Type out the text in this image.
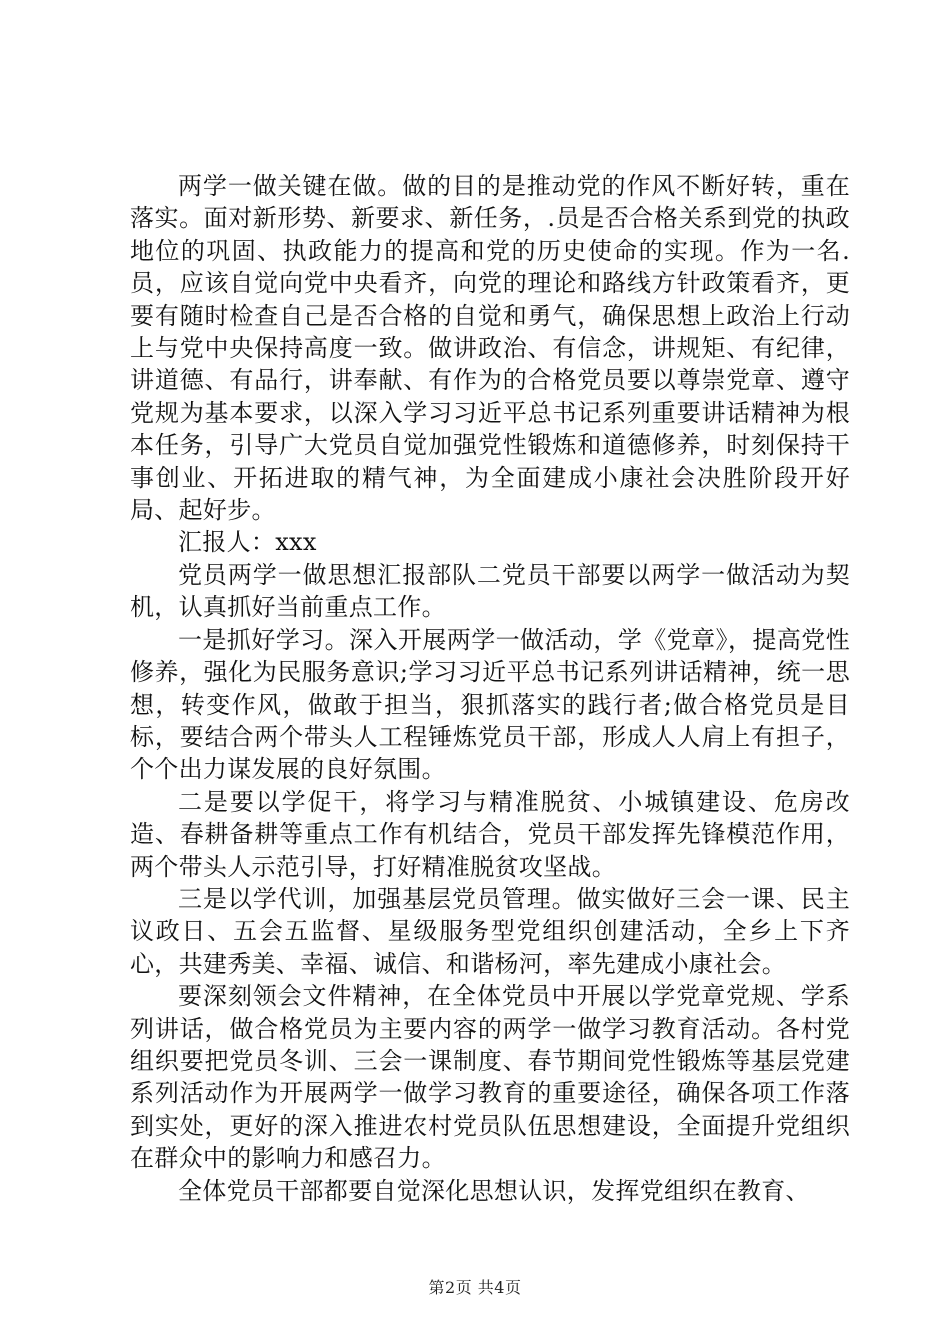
两学一做关键在做。做的目的是推动党的作风不断好转，重在落实。面对新形势、新要求、新任务，.员是否合格关系到党的执政地位的巩固、执政能力的提高和党的历史使命的实现。作为一名.员，应该自觉向党中央看齐，向党的理论和路线方针政策看齐，更要有随时检查自己是否合格的自觉和勇气，确保思想上政治上行动上与党中央保持高度一致。做讲政治、有信念，讲规矩、有纪律，讲道德、有品行，讲奉献、有作为的合格党员要以尊崇党章、遵守党规为基本要求，以深入学习习近平总书记系列重要讲话精神为根本任务，引导广大党员自觉加强党性锻炼和道德修养，时刻保持干事创业、开拓进取的精气神，为全面建成小康社会决胜阶段开好局、起好步。

汇报人：xxx

党员两学一做思想汇报部队二党员干部要以两学一做活动为契机，认真抓好当前重点工作。

一是抓好学习。深入开展两学一做活动，学《党章》，提高党性修养，强化为民服务意识;学习习近平总书记系列讲话精神，统一思想，转变作风，做敢于担当，狠抓落实的践行者;做合格党员是目标，要结合两个带头人工程锤炼党员干部，形成人人肩上有担子，个个出力谋发展的良好氛围。

二是要以学促干，将学习与精准脱贫、小城镇建设、危房改造、春耕备耕等重点工作有机结合，党员干部发挥先锋模范作用，两个带头人示范引导，打好精准脱贫攻坚战。

三是以学代训，加强基层党员管理。做实做好三会一课、民主议政日、五会五监督、星级服务型党组织创建活动，全乡上下齐心，共建秀美、幸福、诚信、和谐杨河，率先建成小康社会。

要深刻领会文件精神，在全体党员中开展以学党章党规、学系列讲话，做合格党员为主要内容的两学一做学习教育活动。各村党组织要把党员冬训、三会一课制度、春节期间党性锻炼等基层党建系列活动作为开展两学一做学习教育的重要途径，确保各项工作落到实处，更好的深入推进农村党员队伍思想建设，全面提升党组织在群众中的影响力和感召力。

全体党员干部都要自觉深化思想认识，发挥党组织在教育、

第2页 共4页
